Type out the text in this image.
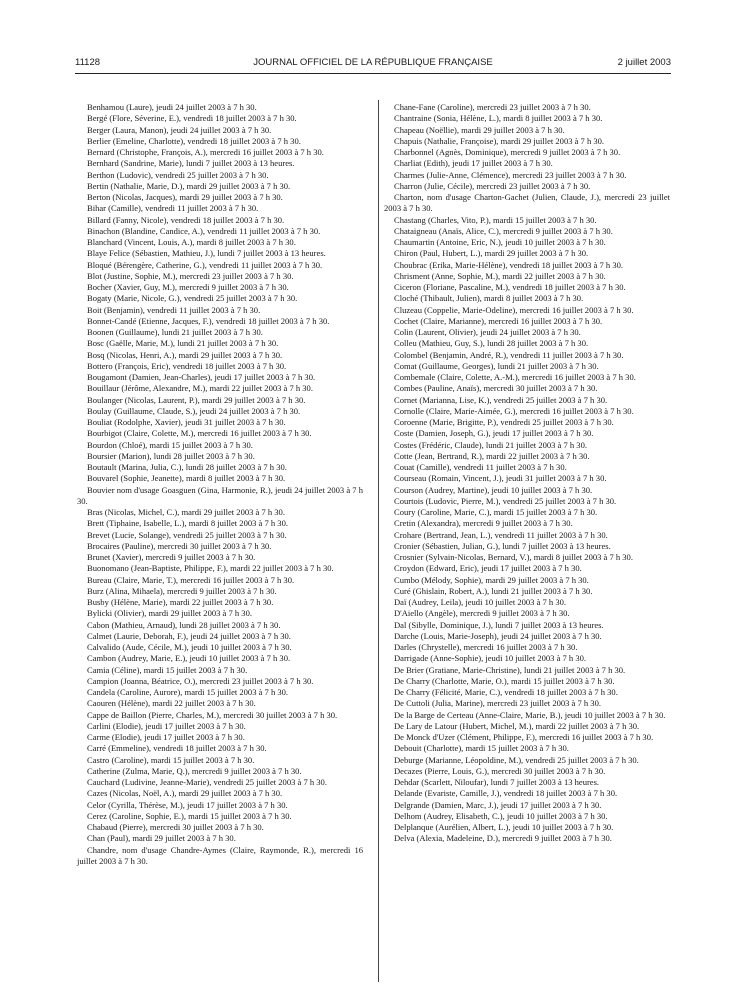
11128	JOURNAL OFFICIEL DE LA RÉPUBLIQUE FRANÇAISE	2 juillet 2003

Benhamou (Laure), jeudi 24 juillet 2003 à 7 h 30.

Bergé (Flore, Séverine, E.), vendredi 18 juillet 2003 à 7 h 30.

Berger (Laura, Manon), jeudi 24 juillet 2003 à 7 h 30.

Berlier (Emeline, Charlotte), vendredi 18 juillet 2003 à 7 h 30.

Bernard (Christophe, François, A.), mercredi 16 juillet 2003 à 7 h 30.

Bernhard (Sandrine, Marie), lundi 7 juillet 2003 à 13 heures.

Berthon (Ludovic), vendredi 25 juillet 2003 à 7 h 30.

Bertin (Nathalie, Marie, D.), mardi 29 juillet 2003 à 7 h 30.

Berton (Nicolas, Jacques), mardi 29 juillet 2003 à 7 h 30.

Bihar (Camille), vendredi 11 juillet 2003 à 7 h 30.

Billard (Fanny, Nicole), vendredi 18 juillet 2003 à 7 h 30.

Binachon (Blandine, Candice, A.), vendredi 11 juillet 2003 à 7 h 30.

Blanchard (Vincent, Louis, A.), mardi 8 juillet 2003 à 7 h 30.

Blaye Felice (Sébastien, Mathieu, J.), lundi 7 juillet 2003 à 13 heures.

Bloqué (Bérengère, Catherine, G.), vendredi 11 juillet 2003 à 7 h 30.

Blot (Justine, Sophie, M.), mercredi 23 juillet 2003 à 7 h 30.

Bocher (Xavier, Guy, M.), mercredi 9 juillet 2003 à 7 h 30.

Bogaty (Marie, Nicole, G.), vendredi 25 juillet 2003 à 7 h 30.

Boit (Benjamin), vendredi 11 juillet 2003 à 7 h 30.

Bonnet-Candé (Etienne, Jacques, F.), vendredi 18 juillet 2003 à 7 h 30.

Boonen (Guillaume), lundi 21 juillet 2003 à 7 h 30.

Bosc (Gaëlle, Marie, M.), lundi 21 juillet 2003 à 7 h 30.

Bosq (Nicolas, Henri, A.), mardi 29 juillet 2003 à 7 h 30.

Bottero (François, Eric), vendredi 18 juillet 2003 à 7 h 30.

Bougamont (Damien, Jean-Charles), jeudi 17 juillet 2003 à 7 h 30.

Bouillaur (Jérôme, Alexandre, M.), mardi 22 juillet 2003 à 7 h 30.

Boulanger (Nicolas, Laurent, P.), mardi 29 juillet 2003 à 7 h 30.

Boulay (Guillaume, Claude, S.), jeudi 24 juillet 2003 à 7 h 30.

Bouliat (Rodolphe, Xavier), jeudi 31 juillet 2003 à 7 h 30.

Bourbigot (Claire, Colette, M.), mercredi 16 juillet 2003 à 7 h 30.

Bourdon (Chloé), mardi 15 juillet 2003 à 7 h 30.

Boursier (Marion), lundi 28 juillet 2003 à 7 h 30.

Boutault (Marina, Julia, C.), lundi 28 juillet 2003 à 7 h 30.

Bouvarel (Sophie, Jeanette), mardi 8 juillet 2003 à 7 h 30.

Bouvier nom d'usage Goasguen (Gina, Harmonie, R.), jeudi 24 juillet 2003 à 7 h 30.

Bras (Nicolas, Michel, C.), mardi 29 juillet 2003 à 7 h 30.

Brett (Tiphaine, Isabelle, L.), mardi 8 juillet 2003 à 7 h 30.

Brevet (Lucie, Solange), vendredi 25 juillet 2003 à 7 h 30.

Brocaires (Pauline), mercredi 30 juillet 2003 à 7 h 30.

Brunet (Xavier), mercredi 9 juillet 2003 à 7 h 30.

Buonomano (Jean-Baptiste, Philippe, F.), mardi 22 juillet 2003 à 7 h 30.

Bureau (Claire, Marie, T.), mercredi 16 juillet 2003 à 7 h 30.

Burz (Alina, Mihaela), mercredi 9 juillet 2003 à 7 h 30.

Busby (Hélène, Marie), mardi 22 juillet 2003 à 7 h 30.

Bylicki (Olivier), mardi 29 juillet 2003 à 7 h 30.

Cabon (Mathieu, Arnaud), lundi 28 juillet 2003 à 7 h 30.

Calmet (Laurie, Deborah, F.), jeudi 24 juillet 2003 à 7 h 30.

Calvalido (Aude, Cécile, M.), jeudi 10 juillet 2003 à 7 h 30.

Cambon (Audrey, Marie, E.), jeudi 10 juillet 2003 à 7 h 30.

Camia (Céline), mardi 15 juillet 2003 à 7 h 30.

Campion (Joanna, Béatrice, O.), mercredi 23 juillet 2003 à 7 h 30.

Candela (Caroline, Aurore), mardi 15 juillet 2003 à 7 h 30.

Caouren (Hélène), mardi 22 juillet 2003 à 7 h 30.

Cappe de Baillon (Pierre, Charles, M.), mercredi 30 juillet 2003 à 7 h 30.

Carlini (Elodie), jeudi 17 juillet 2003 à 7 h 30.

Carme (Elodie), jeudi 17 juillet 2003 à 7 h 30.

Carré (Emmeline), vendredi 18 juillet 2003 à 7 h 30.

Castro (Caroline), mardi 15 juillet 2003 à 7 h 30.

Catherine (Zulma, Marie, Q.), mercredi 9 juillet 2003 à 7 h 30.

Cauchard (Ludivine, Jeanne-Marie), vendredi 25 juillet 2003 à 7 h 30.

Cazes (Nicolas, Noël, A.), mardi 29 juillet 2003 à 7 h 30.

Celor (Cyrilla, Thérèse, M.), jeudi 17 juillet 2003 à 7 h 30.

Cerez (Caroline, Sophie, E.), mardi 15 juillet 2003 à 7 h 30.

Chabaud (Pierre), mercredi 30 juillet 2003 à 7 h 30.

Chan (Paul), mardi 29 juillet 2003 à 7 h 30.

Chandre, nom d'usage Chandre-Aymes (Claire, Raymonde, R.), mercredi 16 juillet 2003 à 7 h 30.

Chane-Fane (Caroline), mercredi 23 juillet 2003 à 7 h 30.

Chantraine (Sonia, Hélène, L.), mardi 8 juillet 2003 à 7 h 30.

Chapeau (Noëllie), mardi 29 juillet 2003 à 7 h 30.

Chapuis (Nathalie, Françoise), mardi 29 juillet 2003 à 7 h 30.

Charbonnel (Agnès, Dominique), mercredi 9 juillet 2003 à 7 h 30.

Charliat (Edith), jeudi 17 juillet 2003 à 7 h 30.

Charmes (Julie-Anne, Clémence), mercredi 23 juillet 2003 à 7 h 30.

Charron (Julie, Cécile), mercredi 23 juillet 2003 à 7 h 30.

Charton, nom d'usage Charton-Gachet (Julien, Claude, J.), mercredi 23 juillet 2003 à 7 h 30.

Chastang (Charles, Vito, P.), mardi 15 juillet 2003 à 7 h 30.

Chataigneau (Anaïs, Alice, C.), mercredi 9 juillet 2003 à 7 h 30.

Chaumartin (Antoine, Eric, N.), jeudi 10 juillet 2003 à 7 h 30.

Chiron (Paul, Hubert, L.), mardi 29 juillet 2003 à 7 h 30.

Choubrac (Erika, Marie-Hélène), vendredi 18 juillet 2003 à 7 h 30.

Chrisment (Anne, Sophie, M.), mardi 22 juillet 2003 à 7 h 30.

Ciceron (Floriane, Pascaline, M.), vendredi 18 juillet 2003 à 7 h 30.

Cloché (Thibault, Julien), mardi 8 juillet 2003 à 7 h 30.

Cluzeau (Coppelie, Marie-Odeline), mercredi 16 juillet 2003 à 7 h 30.

Cochet (Claire, Marianne), mercredi 16 juillet 2003 à 7 h 30.

Colin (Laurent, Olivier), jeudi 24 juillet 2003 à 7 h 30.

Colleu (Mathieu, Guy, S.), lundi 28 juillet 2003 à 7 h 30.

Colombel (Benjamin, André, R.), vendredi 11 juillet 2003 à 7 h 30.

Comat (Guillaume, Georges), lundi 21 juillet 2003 à 7 h 30.

Combemale (Claire, Colette, A.-M.), mercredi 16 juillet 2003 à 7 h 30.

Combes (Pauline, Anaïs), mercredi 30 juillet 2003 à 7 h 30.

Cornet (Marianna, Lise, K.), vendredi 25 juillet 2003 à 7 h 30.

Cornolle (Claire, Marie-Aimée, G.), mercredi 16 juillet 2003 à 7 h 30.

Coroenne (Marie, Brigitte, P.), vendredi 25 juillet 2003 à 7 h 30.

Coste (Damien, Joseph, G.), jeudi 17 juillet 2003 à 7 h 30.

Costes (Frédéric, Claude), lundi 21 juillet 2003 à 7 h 30.

Cotte (Jean, Bertrand, R.), mardi 22 juillet 2003 à 7 h 30.

Couat (Camille), vendredi 11 juillet 2003 à 7 h 30.

Courseau (Romain, Vincent, J.), jeudi 31 juillet 2003 à 7 h 30.

Courson (Audrey, Martine), jeudi 10 juillet 2003 à 7 h 30.

Courtois (Ludovic, Pierre, M.), vendredi 25 juillet 2003 à 7 h 30.

Coury (Caroline, Marie, C.), mardi 15 juillet 2003 à 7 h 30.

Cretin (Alexandra), mercredi 9 juillet 2003 à 7 h 30.

Crohare (Bertrand, Jean, L.), vendredi 11 juillet 2003 à 7 h 30.

Cronier (Sébastien, Julian, G.), lundi 7 juillet 2003 à 13 heures.

Crosnier (Sylvain-Nicolas, Bernard, V.), mardi 8 juillet 2003 à 7 h 30.

Croydon (Edward, Eric), jeudi 17 juillet 2003 à 7 h 30.

Cumbo (Mélody, Sophie), mardi 29 juillet 2003 à 7 h 30.

Curé (Ghislain, Robert, A.), lundi 21 juillet 2003 à 7 h 30.

Daï (Audrey, Leila), jeudi 10 juillet 2003 à 7 h 30.

D'Aiello (Angèle), mercredi 9 juillet 2003 à 7 h 30.

Dal (Sibylle, Dominique, J.), lundi 7 juillet 2003 à 13 heures.

Darche (Louis, Marie-Joseph), jeudi 24 juillet 2003 à 7 h 30.

Darles (Chrystelle), mercredi 16 juillet 2003 à 7 h 30.

Darrigade (Anne-Sophie), jeudi 10 juillet 2003 à 7 h 30.

De Brier (Gratiane, Marie-Christine), lundi 21 juillet 2003 à 7 h 30.

De Charry (Charlotte, Marie, O.), mardi 15 juillet 2003 à 7 h 30.

De Charry (Félicité, Marie, C.), vendredi 18 juillet 2003 à 7 h 30.

De Cuttoli (Julia, Marine), mercredi 23 juillet 2003 à 7 h 30.

De la Barge de Certeau (Anne-Claire, Marie, B.), jeudi 10 juillet 2003 à 7 h 30.

De Lary de Latour (Hubert, Michel, M.), mardi 22 juillet 2003 à 7 h 30.

De Monck d'Uzer (Clément, Philippe, F.), mercredi 16 juillet 2003 à 7 h 30.

Debouit (Charlotte), mardi 15 juillet 2003 à 7 h 30.

Deburge (Marianne, Léopoldine, M.), vendredi 25 juillet 2003 à 7 h 30.

Decazes (Pierre, Louis, G.), mercredi 30 juillet 2003 à 7 h 30.

Dehdar (Scarlett, Niloufar), lundi 7 juillet 2003 à 13 heures.

Delande (Evariste, Camille, J.), vendredi 18 juillet 2003 à 7 h 30.

Delgrande (Damien, Marc, J.), jeudi 17 juillet 2003 à 7 h 30.

Delhom (Audrey, Elisabeth, C.), jeudi 10 juillet 2003 à 7 h 30.

Delplanque (Aurélien, Albert, L.), jeudi 10 juillet 2003 à 7 h 30.

Delva (Alexia, Madeleine, D.), mercredi 9 juillet 2003 à 7 h 30.
